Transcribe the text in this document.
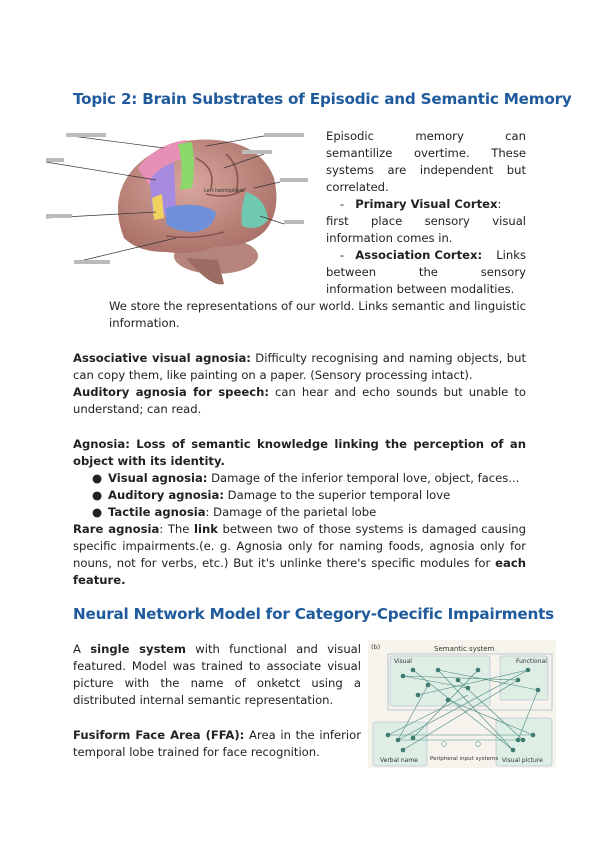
Topic 2: Brain Substrates of Episodic and Semantic Memory
Left hemisphere
Episodic	memory	can
semantilize overtime. These
systems are independent but
correlated.
- Primary Visual Cortex:
first place sensory visual
information comes in.
- Association Cortex: Links
between	the	sensory
information between modalities.
We store the representations of our world. Links semantic and linguistic information.
Associative visual agnosia: Difficulty recognising and naming objects, but can copy them, like painting on a paper. (Sensory processing intact).
Auditory agnosia for speech: can hear and echo sounds but unable to understand; can read.
Agnosia: Loss of semantic knowledge linking the perception of an object with its identity.
● Visual agnosia: Damage of the inferior temporal love, object, faces...
● Auditory agnosia: Damage to the superior temporal love
● Tactile agnosia: Damage of the parietal lobe
Rare agnosia: The link between two of those systems is damaged causing specific impairments.(e. g. Agnosia only for naming foods, agnosia only for nouns, not for verbs, etc.) But it's unlinke there's specific modules for each feature.
Neural Network Model for Category-Cpecific Impairments
A single system with functional and visual featured. Model was trained to associate visual picture with the name of onketct using a distributed internal semantic representation.
Fusiform Face Area (FFA): Area in the inferior temporal lobe trained for face recognition.
(b)	Semantic system
Visual	Functional
Verbal name Peripheral input systems Visual picture
